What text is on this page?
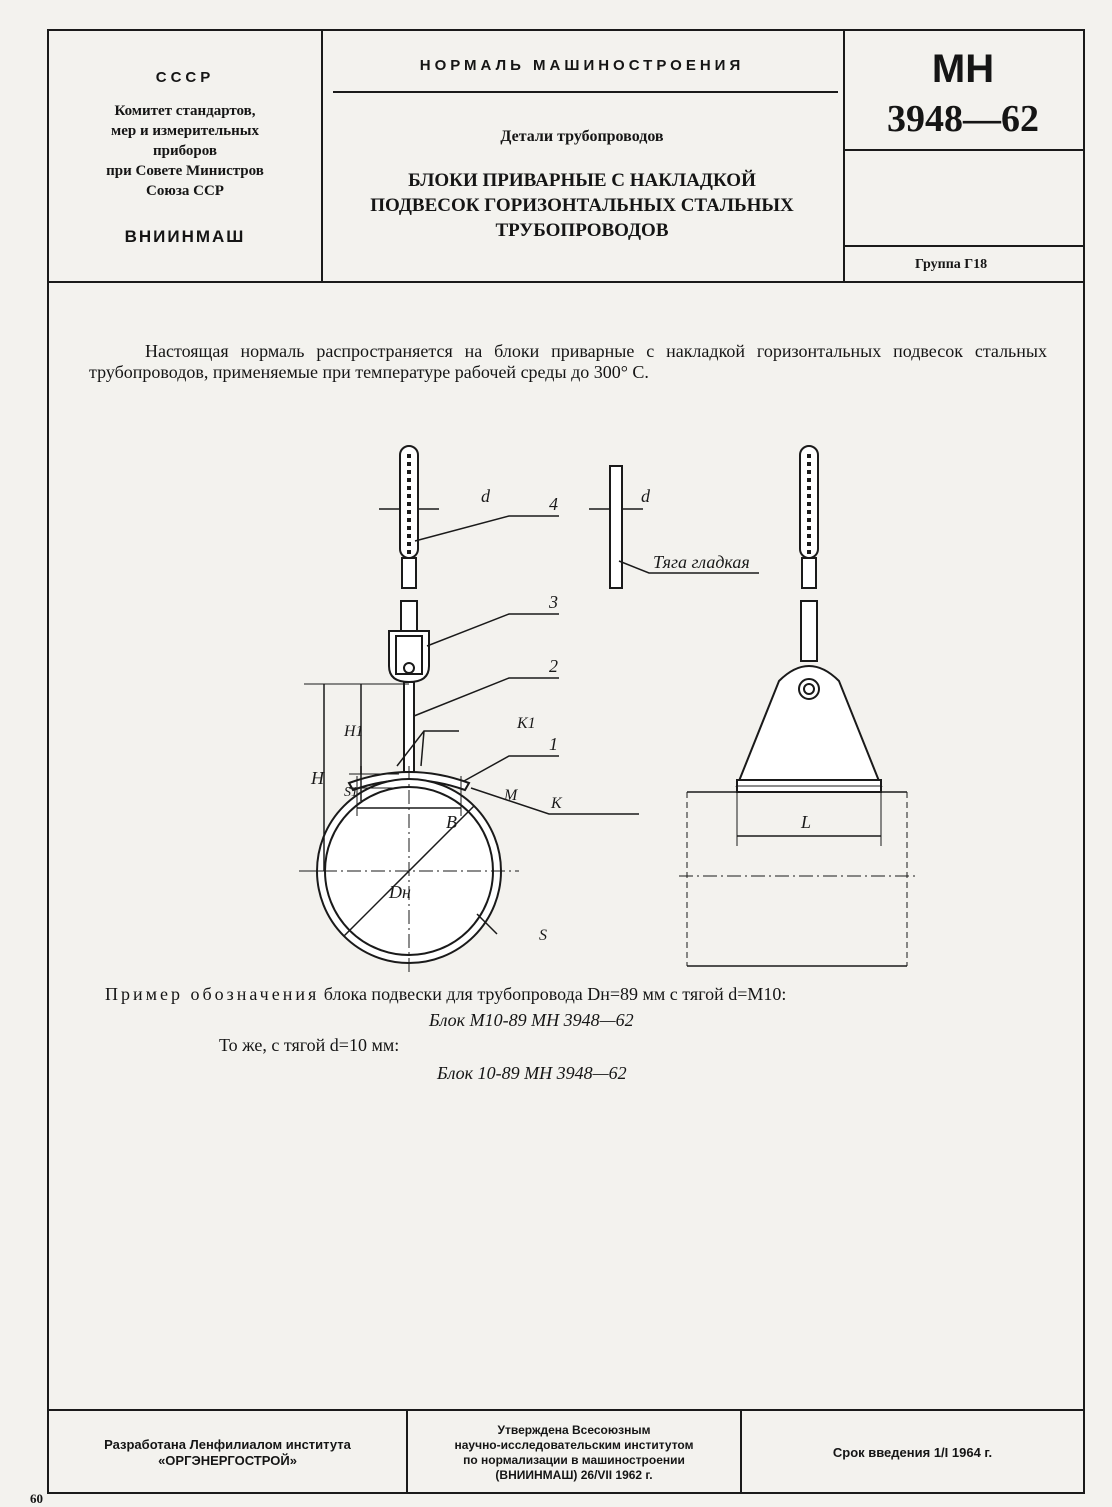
СССР
Комитет стандартов,
мер и измерительных
приборов
при Совете Министров
Союза ССР
ВНИИНМАШ
НОРМАЛЬ МАШИНОСТРОЕНИЯ
Детали трубопроводов
БЛОКИ ПРИВАРНЫЕ С НАКЛАДКОЙ
ПОДВЕСОК ГОРИЗОНТАЛЬНЫХ СТАЛЬНЫХ
ТРУБОПРОВОДОВ
МН
3948—62
Группа Г18
Настоящая нормаль распространяется на блоки приварные с накладкой горизонтальных подвесок стальных трубопроводов, применяемые при температуре рабочей среды до 300° С.
d	d
4
Тяга гладкая
3
2
K1
1
M K
H
H1
S1
B
Dн
S
L
Пример обозначения блока подвески для трубопровода Dн=89 мм с тягой d=M10:
Блок М10-89 МН 3948—62
То же, с тягой d=10 мм:
Блок 10-89 МН 3948—62
Разработана Ленфилиалом института
«ОРГЭНЕРГОСТРОЙ»
Утверждена Всесоюзным
научно-исследовательским институтом
по нормализации в машиностроении
(ВНИИНМАШ) 26/VII 1962 г.
Срок введения 1/I 1964 г.
60
